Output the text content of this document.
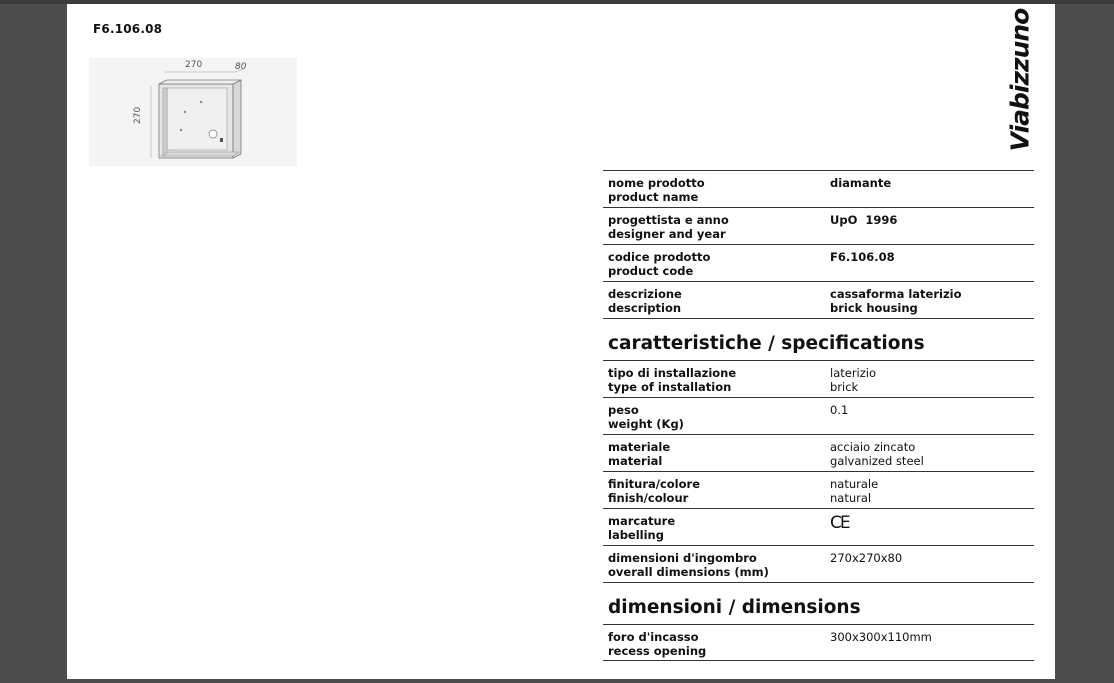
F6.106.08
270	80
270	Viabizzuno
nome prodotto
product name
diamante
progettista e anno
designer and year
UpO  1996
codice prodotto
product code
F6.106.08
descrizione
description
cassaforma laterizio
brick housing
caratteristiche / specifications
tipo di installazione
type of installation
laterizio
brick
peso
weight (Kg)
0.1
materiale
material
acciaio zincato
galvanized steel
finitura/colore
finish/colour
naturale
natural
marcature
labelling
CE
dimensioni d'ingombro
overall dimensions (mm)
270x270x80
dimensioni / dimensions
foro d'incasso
recess opening
300x300x110mm
